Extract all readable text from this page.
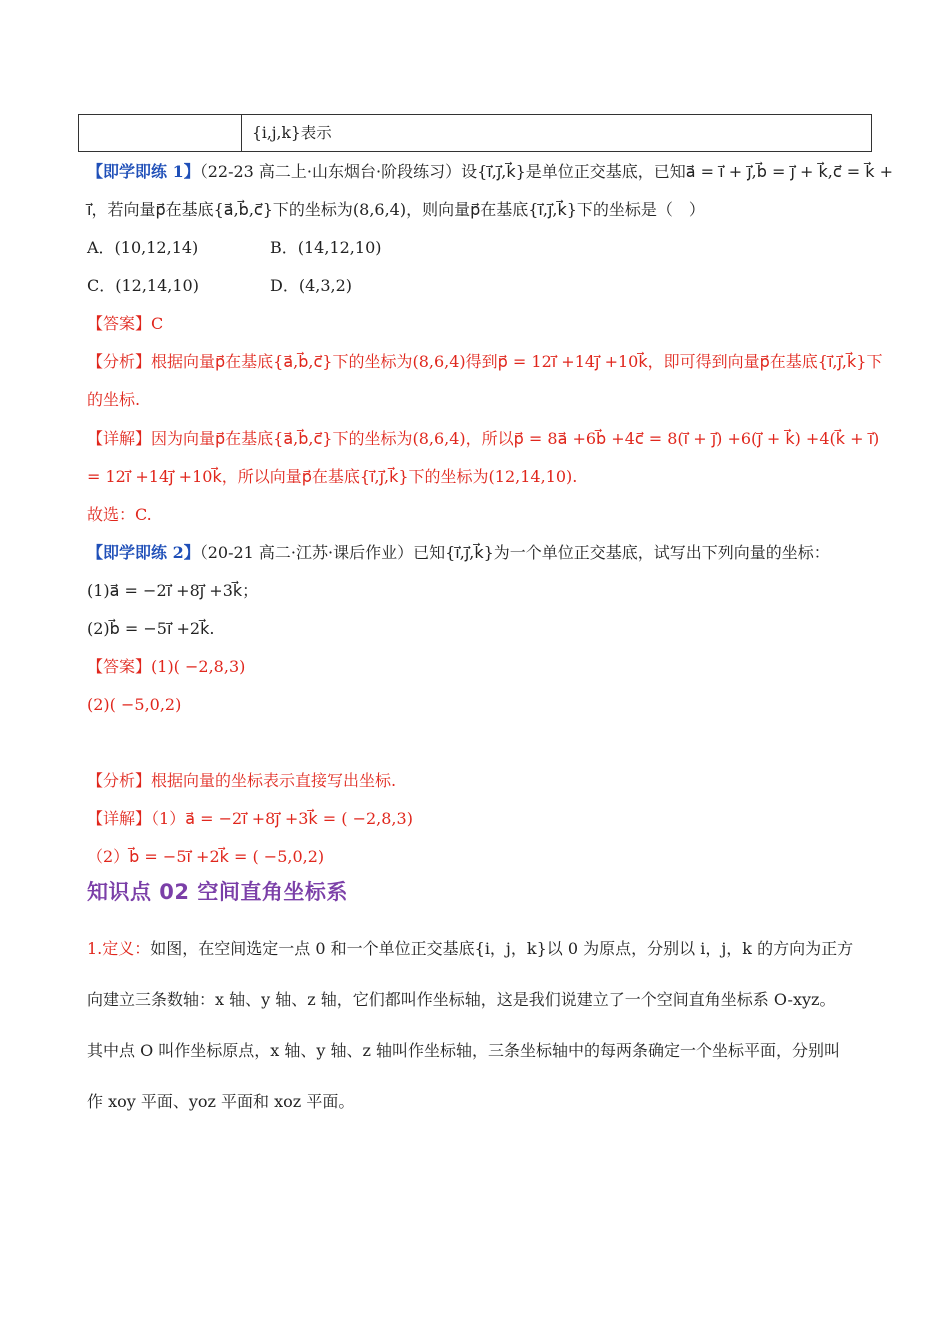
{i,j,k}表示
【即学即练 1】（22-23 高二上·山东烟台·阶段练习）设{i⃗,j⃗,k⃗}是单位正交基底，已知a⃗ = i⃗ + j⃗,b⃗ = j⃗ + k⃗,c⃗ = k⃗ +
i⃗，若向量p⃗在基底{a⃗,b⃗,c⃗}下的坐标为(8,6,4)，则向量p⃗在基底{i⃗,j⃗,k⃗}下的坐标是（　）
A．(10,12,14)	B．(14,12,10)
C．(12,14,10)	D．(4,3,2)
【答案】C
【分析】根据向量p⃗在基底{a⃗,b⃗,c⃗}下的坐标为(8,6,4)得到p⃗ = 12i⃗ +14j⃗ +10k⃗，即可得到向量p⃗在基底{i⃗,j⃗,k⃗}下
的坐标.
【详解】因为向量p⃗在基底{a⃗,b⃗,c⃗}下的坐标为(8,6,4)，所以p⃗ = 8a⃗ +6b⃗ +4c⃗ = 8(i⃗ + j⃗) +6(j⃗ + k⃗) +4(k⃗ + i⃗)
= 12i⃗ +14j⃗ +10k⃗，所以向量p⃗在基底{i⃗,j⃗,k⃗}下的坐标为(12,14,10).
故选：C.
【即学即练 2】（20-21 高二·江苏·课后作业）已知{i⃗,j⃗,k⃗}为一个单位正交基底，试写出下列向量的坐标：
(1)a⃗ = −2i⃗ +8j⃗ +3k⃗；
(2)b⃗ = −5i⃗ +2k⃗.
【答案】(1)( −2,8,3)
(2)( −5,0,2)
【分析】根据向量的坐标表示直接写出坐标.
【详解】（1）a⃗ = −2i⃗ +8j⃗ +3k⃗ = ( −2,8,3)
（2）b⃗ = −5i⃗ +2k⃗ = ( −5,0,2)
知识点 02 空间直角坐标系
1.定义：如图，在空间选定一点 0 和一个单位正交基底{i，j，k}以 0 为原点，分别以 i，j，k 的方向为正方
向建立三条数轴：x 轴、y 轴、z 轴，它们都叫作坐标轴，这是我们说建立了一个空间直角坐标系 O-xyz。
其中点 O 叫作坐标原点，x 轴、y 轴、z 轴叫作坐标轴，三条坐标轴中的每两条确定一个坐标平面，分别叫
作 xoy 平面、yoz 平面和 xoz 平面。
